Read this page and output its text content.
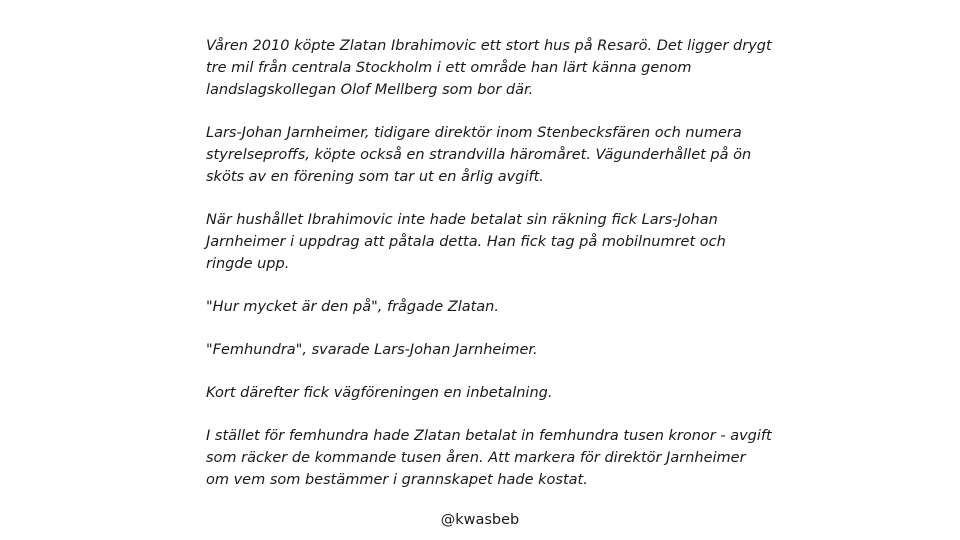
Våren 2010 köpte Zlatan Ibrahimovic ett stort hus på Resarö. Det ligger drygt
tre mil från centrala Stockholm i ett område han lärt känna genom
landslagskollegan Olof Mellberg som bor där.

Lars-Johan Jarnheimer, tidigare direktör inom Stenbecksfären och numera
styrelseproffs, köpte också en strandvilla häromåret. Vägunderhållet på ön
sköts av en förening som tar ut en årlig avgift.

När hushållet Ibrahimovic inte hade betalat sin räkning fick Lars-Johan
Jarnheimer i uppdrag att påtala detta. Han fick tag på mobilnumret och
ringde upp.

"Hur mycket är den på", frågade Zlatan.

"Femhundra", svarade Lars-Johan Jarnheimer.

Kort därefter fick vägföreningen en inbetalning.

I stället för femhundra hade Zlatan betalat in femhundra tusen kronor - avgift
som räcker de kommande tusen åren. Att markera för direktör Jarnheimer
om vem som bestämmer i grannskapet hade kostat.

@kwasbeb
